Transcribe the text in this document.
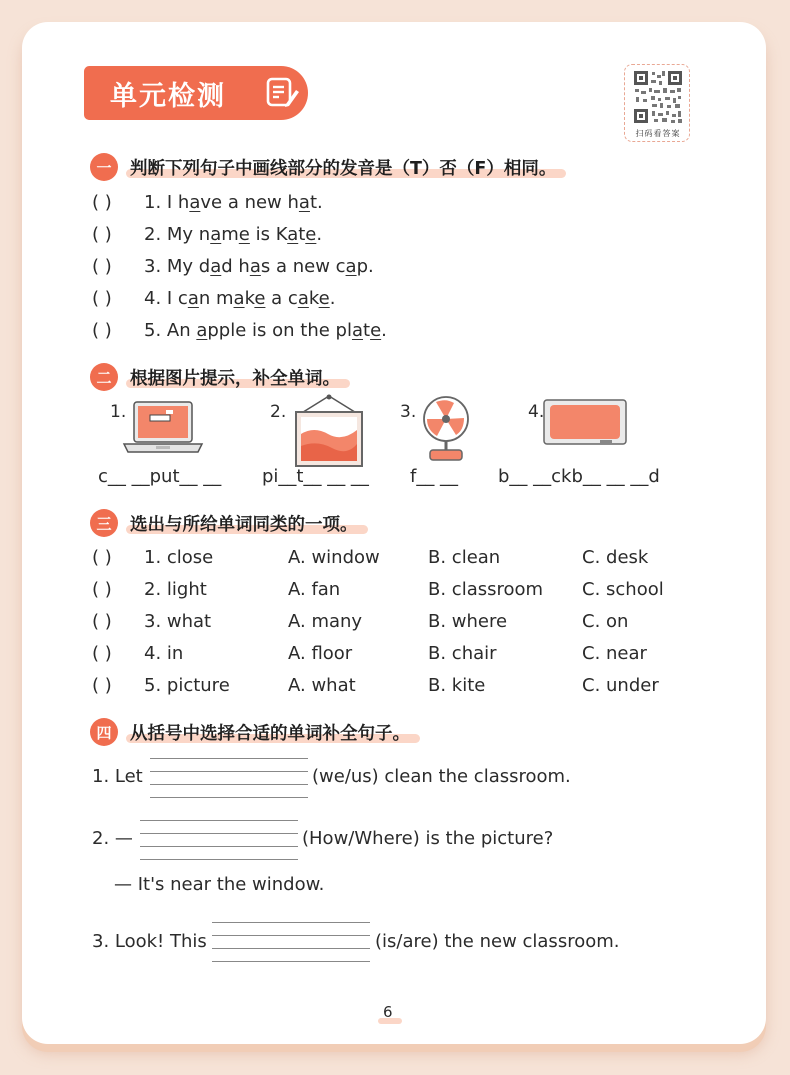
单元检测
扫码看答案
一	判断下列句子中画线部分的发音是（T）否（F）相同。
( ) 1. I have a new hat.
( ) 2. My name is Kate.
( ) 3. My dad has a new cap.
( ) 4. I can make a cake.
( ) 5. An apple is on the plate.
二	根据图片提示，补全单词。
1.	2.	3.	4.
c__ __put__ __ pi__t__ __ __ f__ __ b__ __ckb__ __ __d
三	选出与所给单词同类的一项。
( ) 1. close	A. window	B. clean	C. desk
( ) 2. light	A. fan	B. classroom C. school
( ) 3. what	A. many	B. where	C. on
( ) 4. in	A. floor	B. chair	C. near
( ) 5. picture	A. what	B. kite	C. under
四	从括号中选择合适的单词补全句子。
1. Let	(we/us) clean the classroom.
2. —	(How/Where) is the picture?
— It's near the window.
3. Look! This	(is/are) the new classroom.
6
